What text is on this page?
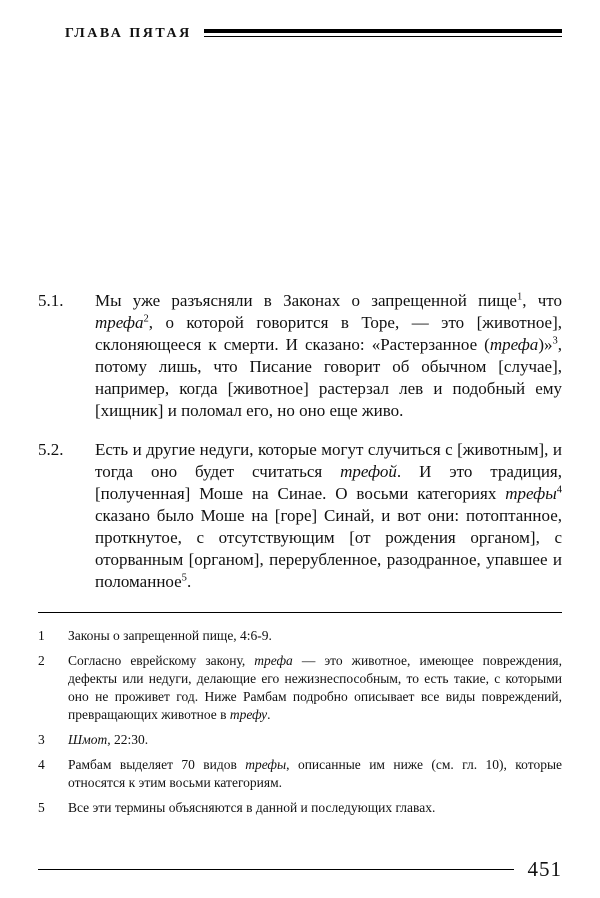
ГЛАВА ПЯТАЯ
5.1.	Мы уже разъясняли в Законах о запрещенной пище$^1$, что трефа$^2$, о которой говорится в Торе, — это [животное], склоняющееся к смерти. И сказано: «Растерзанное (трефа)»$^3$, потому лишь, что Писание говорит об обычном [случае], например, когда [животное] растерзал лев и подобный ему [хищник] и поломал его, но оно еще живо.
5.2.	Есть и другие недуги, которые могут случиться с [животным], и тогда оно будет считаться трефой. И это традиция, [полученная] Моше на Синае. О восьми категориях трефы$^4$ сказано было Моше на [горе] Синай, и вот они: потоптанное, проткнутое, с отсутствующим [от рождения органом], с оторванным [органом], перерубленное, разодранное, упавшее и поломанное$^5$.
1	Законы о запрещенной пище, 4:6-9.
2	Согласно еврейскому закону, трефа — это животное, имеющее повреждения, дефекты или недуги, делающие его нежизнеспособным, то есть такие, с которыми оно не проживет год. Ниже Рамбам подробно описывает все виды повреждений, превращающих животное в трефу.
3	Шмот, 22:30.
4	Рамбам выделяет 70 видов трефы, описанные им ниже (см. гл. 10), которые относятся к этим восьми категориям.
5	Все эти термины объясняются в данной и последующих главах.
451
